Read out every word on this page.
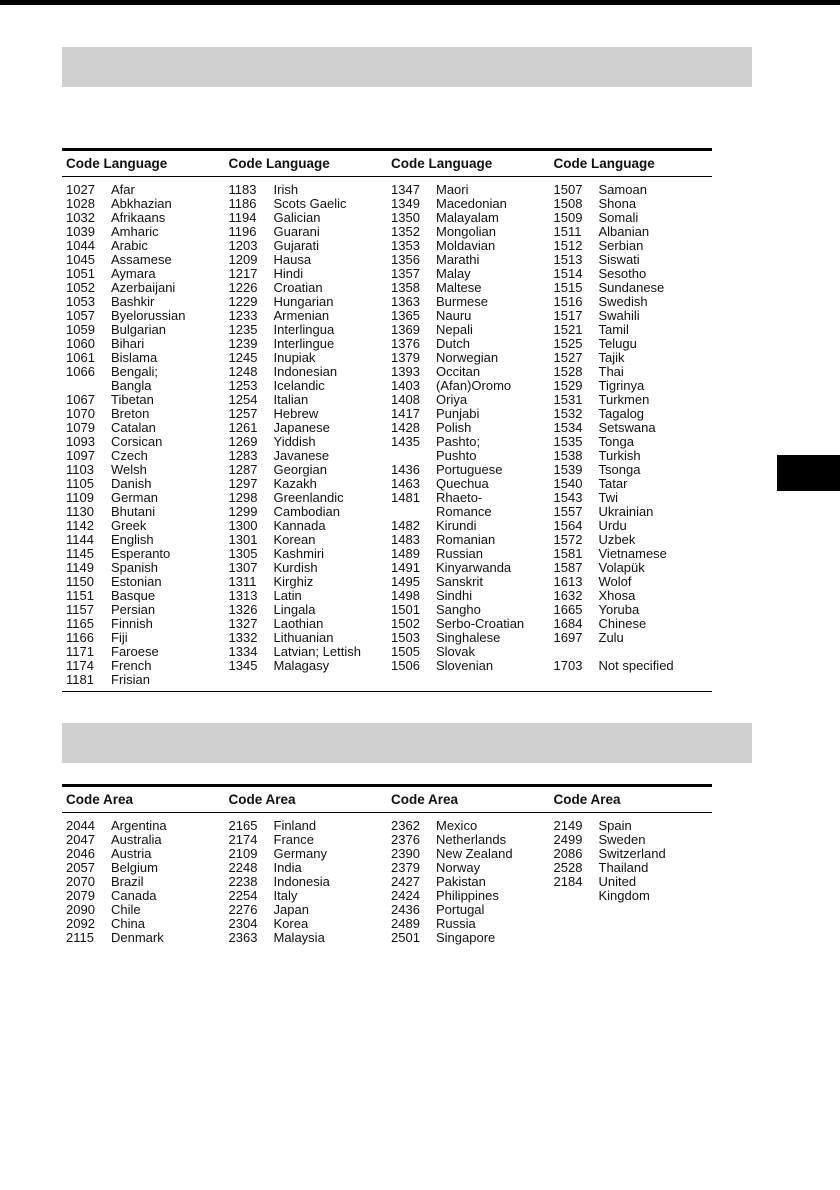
Code Language	Code Language	Code Language	Code Language
1027	Afar
1028	Abkhazian
1032	Afrikaans
1039	Amharic
1044	Arabic
1045	Assamese
1051	Aymara
1052	Azerbaijani
1053	Bashkir
1057	Byelorussian
1059	Bulgarian
1060	Bihari
1061	Bislama
1066	Bengali;
Bangla
1067	Tibetan
1070	Breton
1079	Catalan
1093	Corsican
1097	Czech
1103	Welsh
1105	Danish
1109	German
1130	Bhutani
1142	Greek
1144	English
1145	Esperanto
1149	Spanish
1150	Estonian
1151	Basque
1157	Persian
1165	Finnish
1166	Fiji
1171	Faroese
1174	French
1181	Frisian
1183	Irish
1186	Scots Gaelic
1194	Galician
1196	Guarani
1203	Gujarati
1209	Hausa
1217	Hindi
1226	Croatian
1229	Hungarian
1233	Armenian
1235	Interlingua
1239	Interlingue
1245	Inupiak
1248	Indonesian
1253	Icelandic
1254	Italian
1257	Hebrew
1261	Japanese
1269	Yiddish
1283	Javanese
1287	Georgian
1297	Kazakh
1298	Greenlandic
1299	Cambodian
1300	Kannada
1301	Korean
1305	Kashmiri
1307	Kurdish
1311	Kirghiz
1313	Latin
1326	Lingala
1327	Laothian
1332	Lithuanian
1334	Latvian; Lettish
1345	Malagasy
1347	Maori
1349	Macedonian
1350	Malayalam
1352	Mongolian
1353	Moldavian
1356	Marathi
1357	Malay
1358	Maltese
1363	Burmese
1365	Nauru
1369	Nepali
1376	Dutch
1379	Norwegian
1393	Occitan
1403	(Afan)Oromo
1408	Oriya
1417	Punjabi
1428	Polish
1435	Pashto;
Pushto
1436	Portuguese
1463	Quechua
1481	Rhaeto-
Romance
1482	Kirundi
1483	Romanian
1489	Russian
1491	Kinyarwanda
1495	Sanskrit
1498	Sindhi
1501	Sangho
1502	Serbo-Croatian
1503	Singhalese
1505	Slovak
1506	Slovenian
1507	Samoan
1508	Shona
1509	Somali
1511	Albanian
1512	Serbian
1513	Siswati
1514	Sesotho
1515	Sundanese
1516	Swedish
1517	Swahili
1521	Tamil
1525	Telugu
1527	Tajik
1528	Thai
1529	Tigrinya
1531	Turkmen
1532	Tagalog
1534	Setswana
1535	Tonga
1538	Turkish
1539	Tsonga
1540	Tatar
1543	Twi
1557	Ukrainian
1564	Urdu
1572	Uzbek
1581	Vietnamese
1587	Volapük
1613	Wolof
1632	Xhosa
1665	Yoruba
1684	Chinese
1697	Zulu
1703	Not specified
Code Area	Code Area	Code Area	Code Area
2044	Argentina
2047	Australia
2046	Austria
2057	Belgium
2070	Brazil
2079	Canada
2090	Chile
2092	China
2115	Denmark
2165	Finland
2174	France
2109	Germany
2248	India
2238	Indonesia
2254	Italy
2276	Japan
2304	Korea
2363	Malaysia
2362	Mexico
2376	Netherlands
2390	New Zealand
2379	Norway
2427	Pakistan
2424	Philippines
2436	Portugal
2489	Russia
2501	Singapore
2149	Spain
2499	Sweden
2086	Switzerland
2528	Thailand
2184	United
Kingdom
